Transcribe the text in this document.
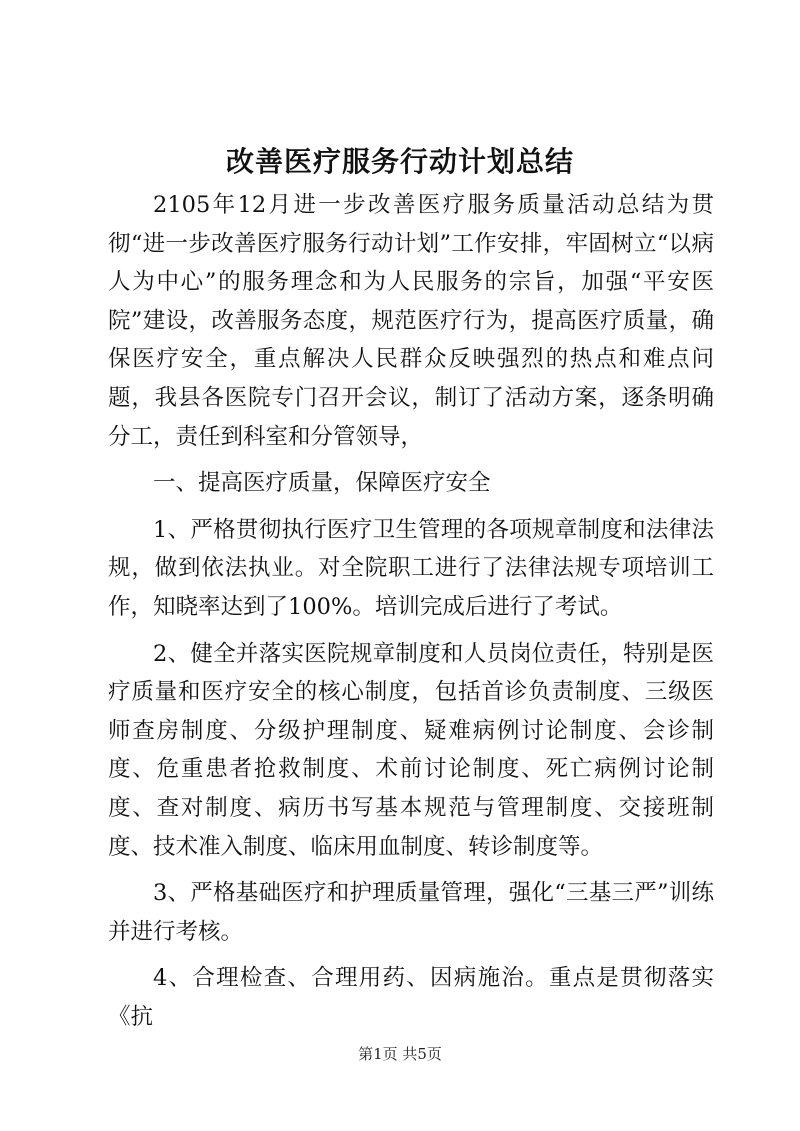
改善医疗服务行动计划总结

2105年12月进一步改善医疗服务质量活动总结为贯彻“进一步改善医疗服务行动计划”工作安排，牢固树立“以病人为中心”的服务理念和为人民服务的宗旨，加强“平安医院”建设，改善服务态度，规范医疗行为，提高医疗质量，确保医疗安全，重点解决人民群众反映强烈的热点和难点问题，我县各医院专门召开会议，制订了活动方案，逐条明确分工，责任到科室和分管领导，

一、提高医疗质量，保障医疗安全

1、严格贯彻执行医疗卫生管理的各项规章制度和法律法规，做到依法执业。对全院职工进行了法律法规专项培训工作，知晓率达到了100%。培训完成后进行了考试。

2、健全并落实医院规章制度和人员岗位责任，特别是医疗质量和医疗安全的核心制度，包括首诊负责制度、三级医师查房制度、分级护理制度、疑难病例讨论制度、会诊制度、危重患者抢救制度、术前讨论制度、死亡病例讨论制度、查对制度、病历书写基本规范与管理制度、交接班制度、技术准入制度、临床用血制度、转诊制度等。

3、严格基础医疗和护理质量管理，强化“三基三严”训练并进行考核。

4、合理检查、合理用药、因病施治。重点是贯彻落实《抗

第1页 共5页
